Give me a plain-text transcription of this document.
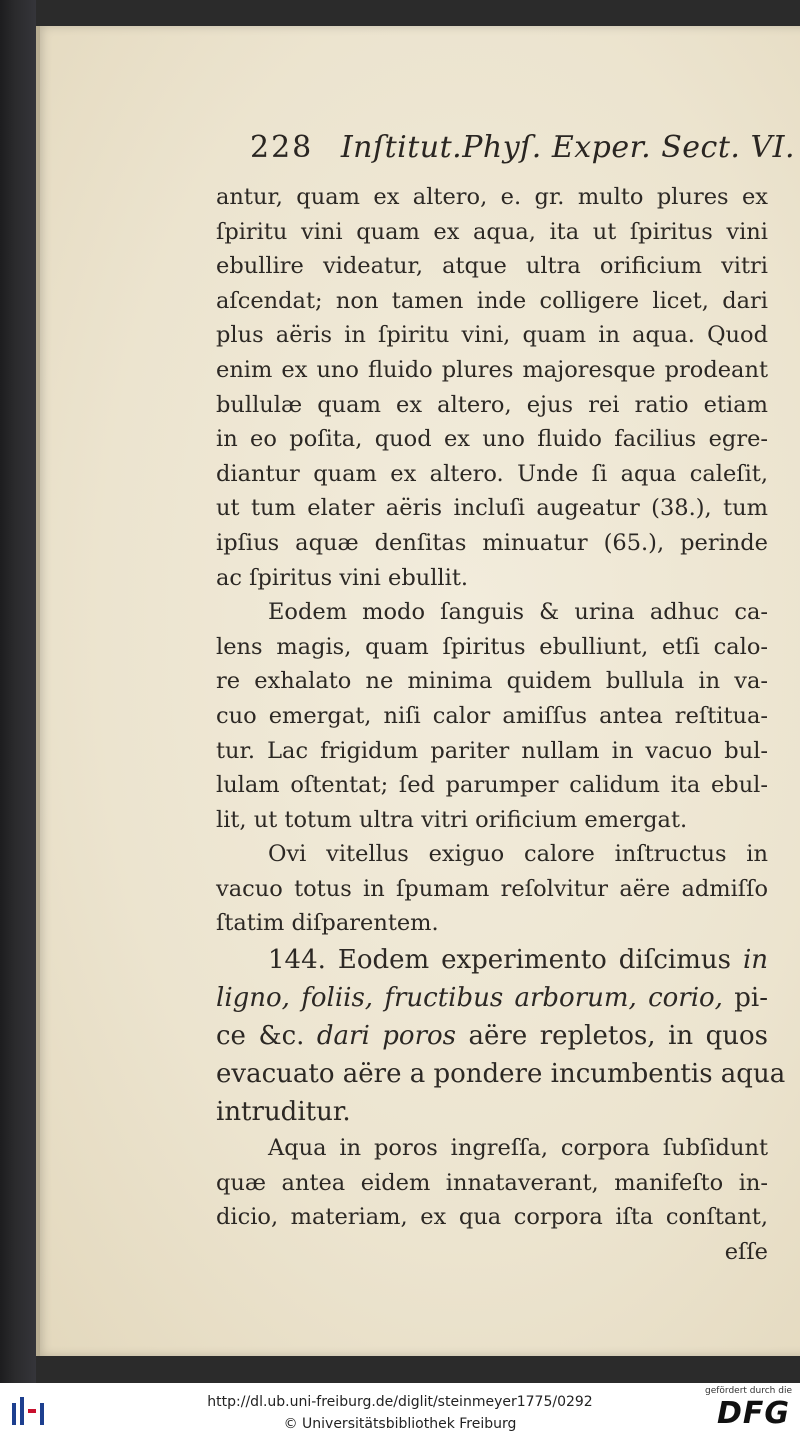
228 Inſtitut.Phyſ. Exper. Sect. VI.
antur, quam ex altero, e. gr. multo plures ex
ſpiritu vini quam ex aqua, ita ut ſpiritus vini
ebullire videatur, atque ultra orificium vitri
aſcendat; non tamen inde colligere licet, dari
plus aëris in ſpiritu vini, quam in aqua. Quod
enim ex uno fluido plures majoresque prodeant
bullulæ quam ex altero, ejus rei ratio etiam
in eo poſita, quod ex uno fluido facilius egre-
diantur quam ex altero. Unde ſi aqua caleſit,
ut tum elater aëris incluſi augeatur (38.), tum
ipſius aquæ denſitas minuatur (65.), perinde
ac ſpiritus vini ebullit.
Eodem modo ſanguis & urina adhuc ca-
lens magis, quam ſpiritus ebulliunt, etſi calo-
re exhalato ne minima quidem bullula in va-
cuo emergat, niſi calor amiſſus antea reſtitua-
tur. Lac frigidum pariter nullam in vacuo bul-
lulam oſtentat; ſed parumper calidum ita ebul-
lit, ut totum ultra vitri orificium emergat.
Ovi vitellus exiguo calore inſtructus in
vacuo totus in ſpumam reſolvitur aëre admiſſo
ſtatim diſparentem.
144. Eodem experimento diſcimus in
ligno, foliis, fructibus arborum, corio, pi-
ce &c. dari poros aëre repletos, in quos
evacuato aëre a pondere incumbentis aqua
intruditur.
Aqua in poros ingreſſa, corpora ſubſidunt
quæ antea eidem innataverant, manifeſto in-
dicio, materiam, ex qua corpora iſta conſtant,
eſſe
http://dl.ub.uni-freiburg.de/diglit/steinmeyer1775/0292
© Universitätsbibliothek Freiburg
gefördert durch die
DFG
